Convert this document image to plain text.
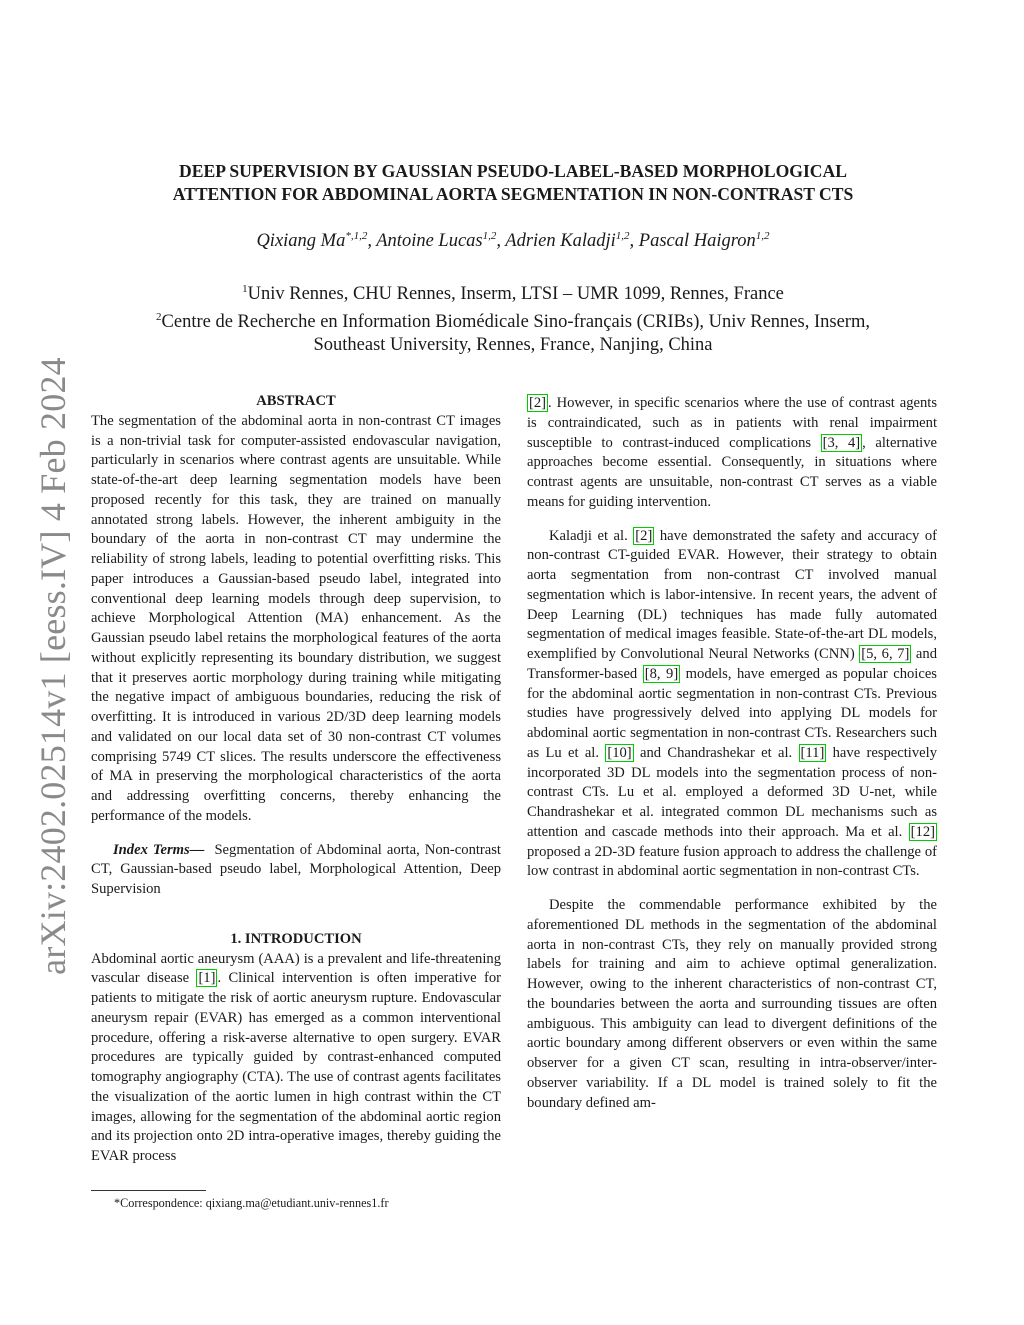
arXiv:2402.02514v1 [eess.IV] 4 Feb 2024
DEEP SUPERVISION BY GAUSSIAN PSEUDO-LABEL-BASED MORPHOLOGICAL
ATTENTION FOR ABDOMINAL AORTA SEGMENTATION IN NON-CONTRAST CTS

Qixiang $Ma^{*,1,2}$, Antoine Lucas$^{1,2}$, Adrien Kaladji$^{1,2}$, Pascal Haigron$^{1,2}$

$^1$Univ Rennes, CHU Rennes, Inserm, LTSI – UMR 1099, Rennes, France
$^2$Centre de Recherche en Information Biomédicale Sino-français (CRIBs), Univ Rennes, Inserm,
Southeast University, Rennes, France, Nanjing, China

ABSTRACT

The segmentation of the abdominal aorta in non-contrast CT images is a non-trivial task for computer-assisted endovascular navigation, particularly in scenarios where contrast agents are unsuitable. While state-of-the-art deep learning segmentation models have been proposed recently for this task, they are trained on manually annotated strong labels. However, the inherent ambiguity in the boundary of the aorta in non-contrast CT may undermine the reliability of strong labels, leading to potential overfitting risks. This paper introduces a Gaussian-based pseudo label, integrated into conventional deep learning models through deep supervision, to achieve Morphological Attention (MA) enhancement. As the Gaussian pseudo label retains the morphological features of the aorta without explicitly representing its boundary distribution, we suggest that it preserves aortic morphology during training while mitigating the negative impact of ambiguous boundaries, reducing the risk of overfitting. It is introduced in various 2D/3D deep learning models and validated on our local data set of 30 non-contrast CT volumes comprising 5749 CT slices. The results underscore the effectiveness of MA in preserving the morphological characteristics of the aorta and addressing overfitting concerns, thereby enhancing the performance of the models.

Index Terms— Segmentation of Abdominal aorta, Non-contrast CT, Gaussian-based pseudo label, Morphological Attention, Deep Supervision

1. INTRODUCTION

Abdominal aortic aneurysm (AAA) is a prevalent and life-threatening vascular disease [1] . Clinical intervention is often imperative for patients to mitigate the risk of aortic aneurysm rupture. Endovascular aneurysm repair (EVAR) has emerged as a common interventional procedure, offering a risk-averse alternative to open surgery. EVAR procedures are typically guided by contrast-enhanced computed tomography angiography (CTA). The use of contrast agents facilitates the visualization of the aortic lumen in high contrast within the CT images, allowing for the segmentation of the abdominal aortic region and its projection onto 2D intra-operative images, thereby guiding the EVAR process

[2] . However, in specific scenarios where the use of contrast agents is contraindicated, such as in patients with renal impairment susceptible to contrast-induced complications [3, 4] , alternative approaches become essential. Consequently, in situations where contrast agents are unsuitable, non-contrast CT serves as a viable means for guiding intervention.

Kaladji et al. [2] have demonstrated the safety and accuracy of non-contrast CT-guided EVAR. However, their strategy to obtain aorta segmentation from non-contrast CT involved manual segmentation which is labor-intensive. In recent years, the advent of Deep Learning (DL) techniques has made fully automated segmentation of medical images feasible. State-of-the-art DL models, exemplified by Convolutional Neural Networks (CNN) [5, 6, 7] and Transformer-based [8, 9] models, have emerged as popular choices for the abdominal aortic segmentation in non-contrast CTs. Previous studies have progressively delved into applying DL models for abdominal aortic segmentation in non-contrast CTs. Researchers such as Lu et al. [10] and Chandrashekar et al. [11] have respectively incorporated 3D DL models into the segmentation process of non-contrast CTs. Lu et al. employed a deformed 3D U-net, while Chandrashekar et al. integrated common DL mechanisms such as attention and cascade methods into their approach. Ma et al. [12] proposed a 2D-3D feature fusion approach to address the challenge of low contrast in abdominal aortic segmentation in non-contrast CTs.

Despite the commendable performance exhibited by the aforementioned DL methods in the segmentation of the abdominal aorta in non-contrast CTs, they rely on manually provided strong labels for training and aim to achieve optimal generalization. However, owing to the inherent characteristics of non-contrast CT, the boundaries between the aorta and surrounding tissues are often ambiguous. This ambiguity can lead to divergent definitions of the aortic boundary among different observers or even within the same observer for a given CT scan, resulting in intra-observer/inter-observer variability. If a DL model is trained solely to fit the boundary defined am-

*Correspondence: qixiang.ma@etudiant.univ-rennes1.fr
